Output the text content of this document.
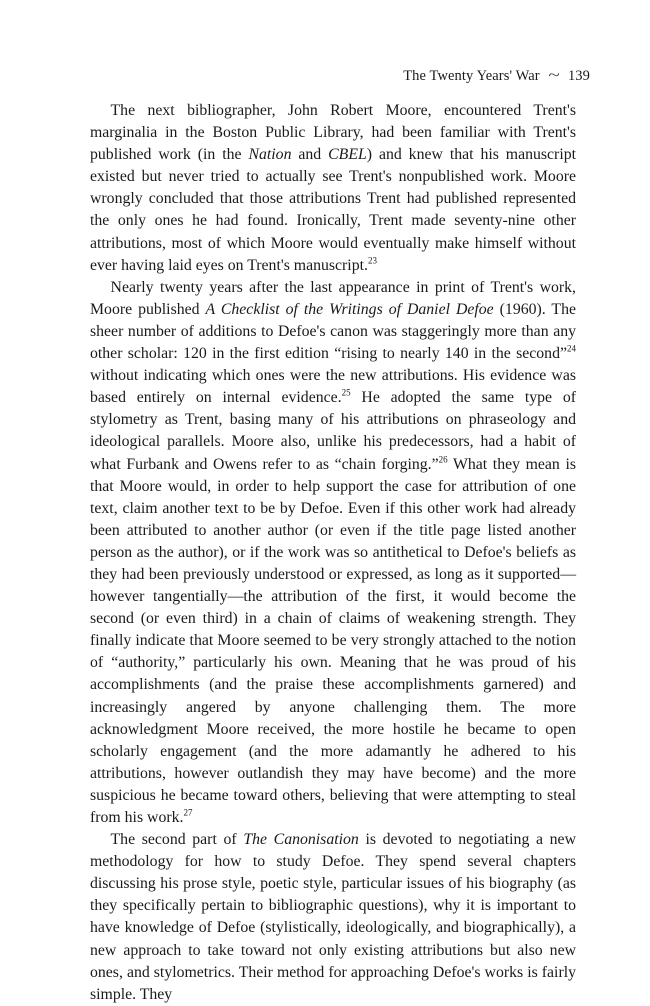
The Twenty Years' War ~ 139

The next bibliographer, John Robert Moore, encountered Trent's marginalia in the Boston Public Library, had been familiar with Trent's published work (in the Nation and CBEL) and knew that his manuscript existed but never tried to actually see Trent's nonpublished work. Moore wrongly concluded that those attributions Trent had published represented the only ones he had found. Ironically, Trent made seventy-nine other attributions, most of which Moore would eventually make himself without ever having laid eyes on Trent's manuscript.$^{23}$

Nearly twenty years after the last appearance in print of Trent's work, Moore published A Checklist of the Writings of Daniel Defoe (1960). The sheer number of additions to Defoe's canon was staggeringly more than any other scholar: 120 in the first edition “rising to nearly 140 in the second”$^{24}$ without indicating which ones were the new attributions. His evidence was based entirely on internal evidence.$^{25}$ He adopted the same type of stylometry as Trent, basing many of his attributions on phraseology and ideological parallels. Moore also, unlike his predecessors, had a habit of what Furbank and Owens refer to as “chain forging.”$^{26}$ What they mean is that Moore would, in order to help support the case for attribution of one text, claim another text to be by Defoe. Even if this other work had already been attributed to another author (or even if the title page listed another person as the author), or if the work was so antithetical to Defoe's beliefs as they had been previously understood or expressed, as long as it supported—however tangentially—the attribution of the first, it would become the second (or even third) in a chain of claims of weakening strength. They finally indicate that Moore seemed to be very strongly attached to the notion of “authority,” particularly his own. Meaning that he was proud of his accomplishments (and the praise these accomplishments garnered) and increasingly angered by anyone challenging them. The more acknowledgment Moore received, the more hostile he became to open scholarly engagement (and the more adamantly he adhered to his attributions, however outlandish they may have become) and the more suspicious he became toward others, believing that were attempting to steal from his work.$^{27}$

The second part of The Canonisation is devoted to negotiating a new methodology for how to study Defoe. They spend several chapters discussing his prose style, poetic style, particular issues of his biography (as they specifically pertain to bibliographic questions), why it is important to have knowledge of Defoe (stylistically, ideologically, and biographically), a new approach to take toward not only existing attributions but also new ones, and stylometrics. Their method for approaching Defoe's works is fairly simple. They
